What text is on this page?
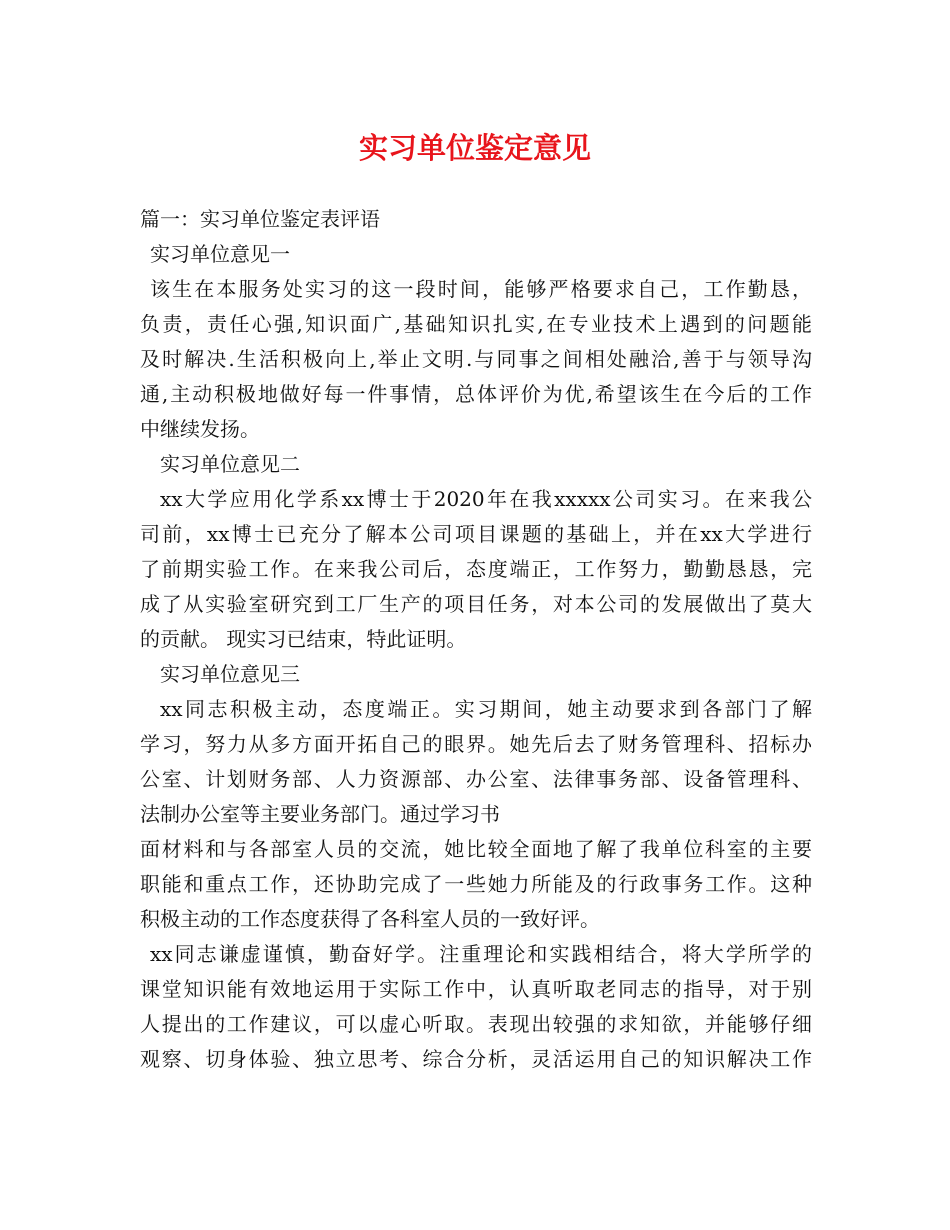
实习单位鉴定意见
篇一：实习单位鉴定表评语
实习单位意见一
该生在本服务处实习的这一段时间，能够严格要求自己，工作勤恳，
负责，责任心强,知识面广,基础知识扎实,在专业技术上遇到的问题能
及时解决.生活积极向上,举止文明.与同事之间相处融洽,善于与领导沟
通,主动积极地做好每一件事情，总体评价为优,希望该生在今后的工作
中继续发扬。
实习单位意见二
xx大学应用化学系xx博士于2020年在我xxxxx公司实习。在来我公
司前，xx博士已充分了解本公司项目课题的基础上，并在xx大学进行
了前期实验工作。在来我公司后，态度端正，工作努力，勤勤恳恳，完
成了从实验室研究到工厂生产的项目任务，对本公司的发展做出了莫大
的贡献。 现实习已结束，特此证明。
实习单位意见三
xx同志积极主动，态度端正。实习期间，她主动要求到各部门了解
学习，努力从多方面开拓自己的眼界。她先后去了财务管理科、招标办
公室、计划财务部、人力资源部、办公室、法律事务部、设备管理科、
法制办公室等主要业务部门。通过学习书
面材料和与各部室人员的交流，她比较全面地了解了我单位科室的主要
职能和重点工作，还协助完成了一些她力所能及的行政事务工作。这种
积极主动的工作态度获得了各科室人员的一致好评。
xx同志谦虚谨慎，勤奋好学。注重理论和实践相结合，将大学所学的
课堂知识能有效地运用于实际工作中，认真听取老同志的指导，对于别
人提出的工作建议，可以虚心听取。表现出较强的求知欲，并能够仔细
观察、切身体验、独立思考、综合分析，灵活运用自己的知识解决工作
